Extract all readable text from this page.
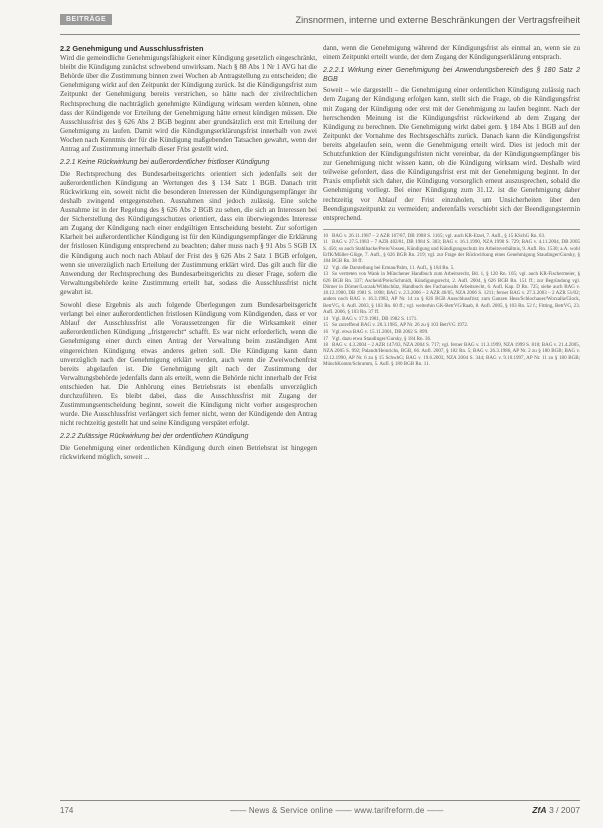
BEITRÄGE	Zinsnormen, interne und externe Beschränkungen der Vertragsfreiheit
2.2 Genehmigung und Ausschlussfristen

Wird die gemeindliche Genehmigungsfähigkeit einer Kündigung gesetzlich eingeschränkt, bleibt die Kündigung zunächst schwebend unwirksam. Nach § 88 Abs 1 Nr 1 AVG hat die Behörde über die Zustimmung binnen zwei Wochen ab Antragstellung zu entscheiden; die Genehmigung wirkt auf den Zeitpunkt der Kündigung zurück. Ist die Kündigungsfrist zum Zeitpunkt der Genehmigung bereits verstrichen, so hätte nach der zivilrechtlichen Rechtsprechung die nachträglich genehmigte Kündigung wirksam werden können, ohne dass der Kündigende vor Erteilung der Genehmigung hätte erneut kündigen müssen. Die Ausschlussfrist des § 626 Abs 2 BGB beginnt aber grundsätzlich erst mit Erteilung der Genehmigung zu laufen. Damit wird die Kündigungserklärungsfrist innerhalb von zwei Wochen nach Kenntnis der für die Kündigung maßgebenden Tatsachen gewahrt, wenn der Antrag auf Zustimmung innerhalb dieser Frist gestellt wird.

2.2.1 Keine Rückwirkung bei außerordentlicher fristloser Kündigung

Die Rechtsprechung des Bundesarbeitsgerichts orientiert sich jedenfalls seit der außerordentlichen Kündigung an Wertungen des § 134 Satz 1 BGB. Danach tritt Rückwirkung ein, soweit nicht die besonderen Interessen der Kündigungsempfänger ihr deshalb zwingend entgegenstehen. Ausnahmen sind jedoch zulässig. Eine solche Ausnahme ist in der Regelung des § 626 Abs 2 BGB zu sehen, die sich an Interessen bei der Sicherstellung des Kündigungsschutzes orientiert, dass ein überwiegendes Interesse am Zugang der Kündigung nach einer endgültigen Entscheidung besteht. Zur sofortigen Klarheit bei außerordentlicher Kündigung ist für den Kündigungsempfänger die Erklärung der fristlosen Kündigung entsprechend zu beachten; daher muss nach § 91 Abs 5 SGB IX die Kündigung auch noch nach Ablauf der Frist des § 626 Abs 2 Satz 1 BGB erfolgen, wenn sie unverzüglich nach Erteilung der Zustimmung erklärt wird. Das gilt auch für die Anwendung der Rechtsprechung des Bundesarbeitsgerichts zu dieser Frage, sofern die Verwaltungsbehörde keine Zustimmung erteilt hat, sodass die Ausschlussfrist nicht gewahrt ist.

Sowohl diese Ergebnis als auch folgende Überlegungen zum Bundesarbeitsgericht verlangt bei einer außerordentlichen fristlosen Kündigung vom Kündigenden, dass er vor Ablauf der Ausschlussfrist alle Voraussetzungen für die Wirksamkeit einer außerordentlichen Kündigung „fristgerecht“ schafft. Es war nicht erforderlich, wenn die Genehmigung einer durch einen Antrag der Verwaltung beim zuständigen Amt eingereichten Kündigung etwas anderes gelten soll. Die Kündigung kann dann unverzüglich nach der Genehmigung erklärt werden, auch wenn die Zweiwochenfrist bereits abgelaufen ist. Die Genehmigung gilt nach der Zustimmung der Verwaltungsbehörde jedenfalls dann als erteilt, wenn die Behörde nicht innerhalb der Frist entschieden hat. Die Anhörung eines Betriebsrats ist ebenfalls unverzüglich durchzuführen. Es bleibt dabei, dass die Ausschlussfrist mit Zugang der Zustimmungsentscheidung beginnt, soweit die Kündigung nicht vorher ausgesprochen wurde. Die Ausschlussfrist verlängert sich ferner nicht, wenn der Kündigende den Antrag nicht rechtzeitig gestellt hat und seine Kündigung verspätet erfolgt.

2.2.2 Zulässige Rückwirkung bei der ordentlichen Kündigung

Die Genehmigung einer ordentlichen Kündigung durch einen Betriebsrat ist hingegen rückwirkend möglich, soweit ...

dann, wenn die Genehmigung während der Kündigungsfrist als einmal an, wenn sie zu einem Zeitpunkt erteilt wurde, der dem Zugang der Kündigungserklärung entsprach.

2.2.2.1 Wirkung einer Genehmigung bei Anwendungsbereich des § 180 Satz 2 BGB

Soweit – wie dargestellt – die Genehmigung einer ordentlichen Kündigung zulässig nach dem Zugang der Kündigung erfolgen kann, stellt sich die Frage, ob die Kündigungsfrist mit Zugang der Kündigung oder erst mit der Genehmigung zu laufen beginnt. Nach der herrschenden Meinung ist die Kündigungsfrist rückwirkend ab dem Zugang der Kündigung zu berechnen. Die Genehmigung wirkt dabei gem. § 184 Abs 1 BGB auf den Zeitpunkt der Vornahme des Rechtsgeschäfts zurück. Danach kann die Kündigungsfrist bereits abgelaufen sein, wenn die Genehmigung erteilt wird. Dies ist jedoch mit der Schutzfunktion der Kündigungsfristen nicht vereinbar, da der Kündigungsempfänger bis zur Genehmigung nicht wissen kann, ob die Kündigung wirksam wird. Deshalb wird teilweise gefordert, dass die Kündigungsfrist erst mit der Genehmigung beginnt. In der Praxis empfiehlt sich daher, die Kündigung vorsorglich erneut auszusprechen, sobald die Genehmigung vorliegt. Bei einer Kündigung zum 31.12. ist die Genehmigung daher rechtzeitig vor Ablauf der Frist einzuholen, um Unsicherheiten über den Beendigungszeitpunkt zu vermeiden; anderenfalls verschiebt sich der Beendigungstermin entsprechend.

10 BAG v. 26.11.1987 – 2 AZR 167/87, DB 1988 S. 1165; vgl. auch KR-Etzel, 7. Aufl., § 15 KSchG Rn. 63.
11 BAG v. 27.5.1983 – 7 AZR 482/81, DB 1984 S. 303; BAG v. 16.1.1990, NZA 1990 S. 729; BAG v. 4.11.2004, DB 2005 S. 456; so auch Stahlhacke/Preis/Vossen, Kündigung und Kündigungsschutz im Arbeitsverhältnis, 9. Aufl. Rn. 1530; a.A. wohl ErfK/Müller-Glöge, 7. Aufl., § 626 BGB Rn. 219; vgl. zur Frage der Rückwirkung eines Genehmigung Staudinger/Gursky, § 184 BGB Rn. 38 ff.
12 Vgl. die Darstellung bei Erman/Palm, 11. Aufl., § 184 Rn. 5.
13 So vertreten von Wank in Münchener Handbuch zum Arbeitsrecht, Bd. 1, § 120 Rn. 105; vgl. auch KR-Fischermeier, § 626 BGB Rn. 337; Ascheid/Preis/Schmidt, Kündigungsrecht, 2. Aufl. 2004, § 626 BGB Rn. 151 ff.; zur Begründung vgl. Dörner in Dörner/Luczak/Wildschütz, Handbuch des Fachanwalts Arbeitsrecht, 6. Aufl. Kap. D Rn. 725; siehe auch BAG v. 18.12.1980, DB 1981 S. 1098; BAG v. 2.3.2006 – 2 AZR 46/05, NZA 2006 S. 1211; ferner BAG v. 27.3.2003 – 2 AZR 51/02; anders noch BAG v. 16.3.1983, AP Nr. 14 zu § 626 BGB Ausschlussfrist; zum Ganzen Hess/Schlochauer/Worzalla/Glock, BetrVG, 6. Aufl. 2003, § 103 Rn. 60 ff.; vgl. weiterhin GK-BetrVG/Raab, 8. Aufl. 2005, § 103 Rn. 52 f.; Fitting, BetrVG, 23. Aufl. 2006, § 103 Rn. 37 ff.
14 Vgl. BAG v. 17.9.1981, DB 1982 S. 1171.
15 So zutreffend BAG v. 28.3.1985, AP Nr. 26 zu § 103 BetrVG 1972.
16 Vgl. etwa BAG v. 15.11.2001, DB 2002 S. 899.
17 Vgl. dazu etwa Staudinger/Gursky, § 184 Rn. 36.
18 BAG v. 4.3.2004 – 2 AZR 147/03, NZA 2004 S. 717; vgl. ferner BAG v. 11.3.1999, NZA 1999 S. 818; BAG v. 21.4.2005, NZA 2005 S. 992; Palandt/Heinrichs, BGB, 66. Aufl. 2007, § 182 Rn. 5; BAG v. 26.3.1986, AP Nr. 2 zu § 180 BGB; BAG v. 12.12.1990, AP Nr. 6 zu § 15 SchwbG; BAG v. 19.6.2003, NZA 2004 S. 344; BAG v. 9.10.1997, AP Nr. 11 zu § 180 BGB; MünchKomm/Schramm, 5. Aufl. § 180 BGB Rn. 11.
174	—— News & Service online —— www.tarifreform.de ——	ZfA 3 / 2007
